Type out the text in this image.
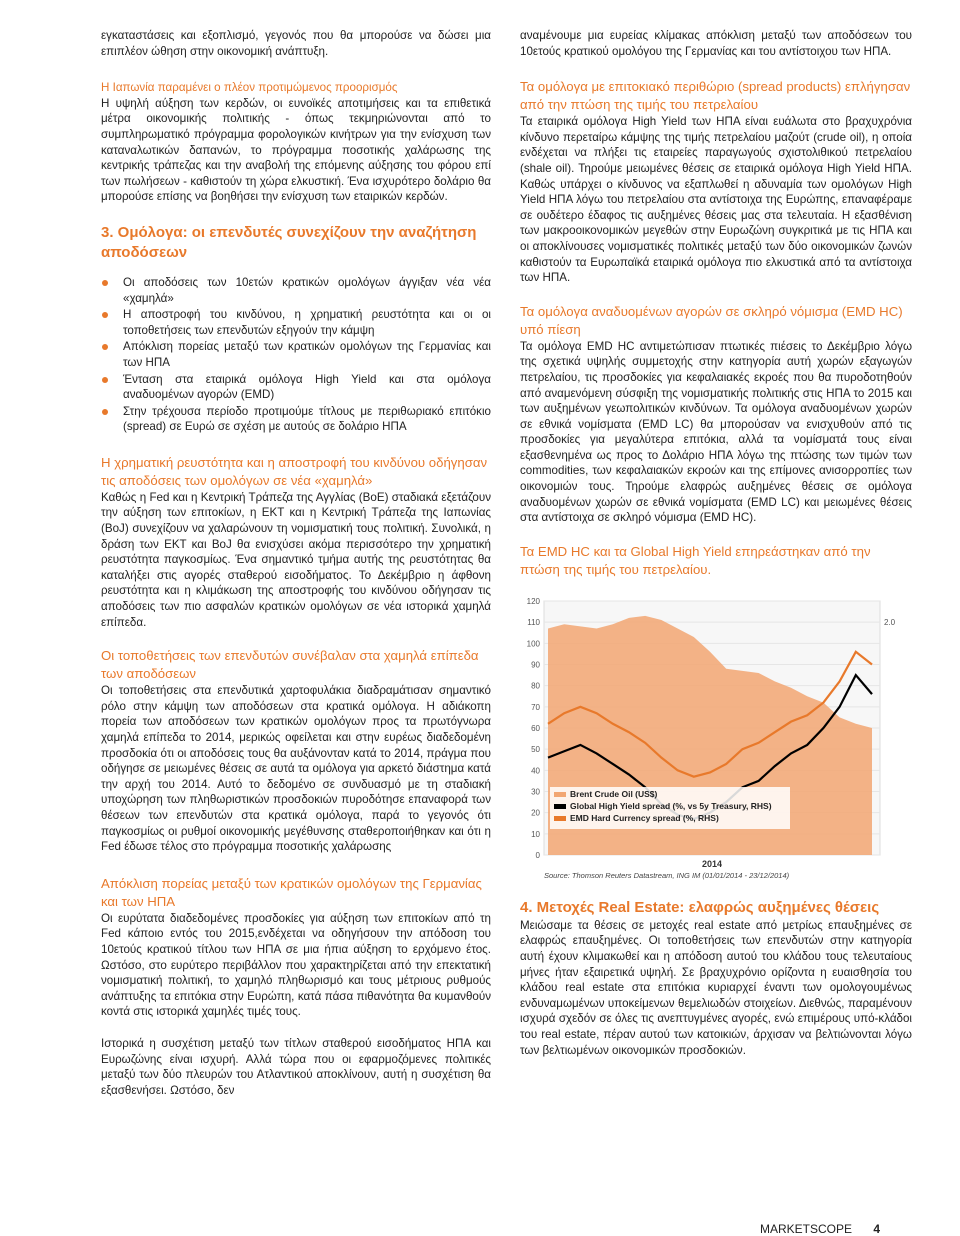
εγκαταστάσεις και εξοπλισμό, γεγονός που θα μπορούσε να δώσει μια επιπλέον ώθηση στην οικονομική ανάπτυξη.

Η Ιαπωνία παραμένει ο πλέον προτιμώμενος προορισμός

Η υψηλή αύξηση των κερδών, οι ευνοϊκές αποτιμήσεις και τα επιθετικά μέτρα οικονομικής πολιτικής - όπως τεκμηριώνονται από το συμπληρωματικό πρόγραμμα φορολογικών κινήτρων για την ενίσχυση των καταναλωτικών δαπανών, το πρόγραμμα ποσοτικής χαλάρωσης της κεντρικής τράπεζας και την αναβολή της επόμενης αύξησης του φόρου επί των πωλήσεων - καθιστούν τη χώρα ελκυστική. Ένα ισχυρότερο δολάριο θα μπορούσε επίσης να βοηθήσει την ενίσχυση των εταιρικών κερδών.

3. Ομόλογα: οι επενδυτές συνεχίζουν την αναζήτηση αποδόσεων
Οι αποδόσεις των 10ετών κρατικών ομολόγων άγγιξαν νέα νέα «χαμηλά»
Η αποστροφή του κινδύνου, η χρηματική ρευστότητα και οι οι τοποθετήσεις των επενδυτών εξηγούν την κάμψη
Απόκλιση πορείας μεταξύ των κρατικών ομολόγων της Γερμανίας και των ΗΠΑ
Ένταση στα εταιρικά ομόλογα High Yield και στα ομόλογα αναδυομένων αγορών (EMD)
Στην τρέχουσα περίοδο προτιμούμε τίτλους με περιθωριακό επιτόκιο (spread) σε Ευρώ σε σχέση με αυτούς σε δολάριο ΗΠΑ
Η χρηματική ρευστότητα και η αποστροφή του κινδύνου οδήγησαν τις αποδόσεις των ομολόγων σε νέα «χαμηλά»

Καθώς η Fed και η Κεντρική Τράπεζα της Αγγλίας (BoE) σταδιακά εξετάζουν την αύξηση των επιτοκίων, η ΕΚΤ και η Κεντρική Τράπεζα της Ιαπωνίας (BoJ) συνεχίζουν να χαλαρώνουν τη νομισματική τους πολιτική. Συνολικά, η δράση των ΕΚΤ και BoJ θα ενισχύσει ακόμα περισσότερο την χρηματική ρευστότητα παγκοσμίως. Ένα σημαντικό τμήμα αυτής της ρευστότητας θα καταλήξει στις αγορές σταθερού εισοδήματος. Το Δεκέμβριο η άφθονη ρευστότητα και η κλιμάκωση της αποστροφής του κινδύνου οδήγησαν τις αποδόσεις των πιο ασφαλών κρατικών ομολόγων σε νέα ιστορικά χαμηλά επίπεδα.

Οι τοποθετήσεις των επενδυτών συνέβαλαν στα χαμηλά επίπεδα των αποδόσεων

Οι τοποθετήσεις στα επενδυτικά χαρτοφυλάκια διαδραμάτισαν σημαντικό ρόλο στην κάμψη των αποδόσεων στα κρατικά ομόλογα. Η αδιάκοπη πορεία των αποδόσεων των κρατικών ομολόγων προς τα πρωτόγνωρα χαμηλά επίπεδα το 2014, μερικώς οφείλεται και στην ευρέως διαδεδομένη προσδοκία ότι οι αποδόσεις τους θα αυξάνονταν κατά το 2014, πράγμα που οδήγησε σε μειωμένες θέσεις σε αυτά τα ομόλογα για αρκετό διάστημα κατά την αρχή του 2014. Αυτό το δεδομένο σε συνδυασμό με τη σταδιακή υποχώρηση των πληθωριστικών προσδοκιών πυροδότησε επαναφορά των θέσεων των επενδυτών στα κρατικά ομόλογα, παρά το γεγονός ότι παγκοσμίως οι ρυθμοί οικονομικής μεγέθυνσης σταθεροποιήθηκαν και ότι η Fed έδωσε τέλος στο πρόγραμμα ποσοτικής χαλάρωσης

Απόκλιση πορείας μεταξύ των κρατικών ομολόγων της Γερμανίας και των ΗΠΑ

Οι ευρύτατα διαδεδομένες προσδοκίες για αύξηση των επιτοκίων από τη Fed κάποιο εντός του 2015,ενδέχεται να οδηγήσουν την απόδοση του 10ετούς κρατικού τίτλου των ΗΠΑ σε μια ήπια αύξηση το ερχόμενο έτος. Ωστόσο, στο ευρύτερο περιβάλλον που χαρακτηρίζεται από την επεκτατική νομισματική πολιτική, το χαμηλό πληθωρισμό και τους μέτριους ρυθμούς ανάπτυξης τα επιτόκια στην Ευρώπη, κατά πάσα πιθανότητα θα κυμανθούν κοντά στις ιστορικά χαμηλές τιμές τους.

Ιστορικά η συσχέτιση μεταξύ των τίτλων σταθερού εισοδήματος ΗΠΑ και Ευρωζώνης είναι ισχυρή. Αλλά τώρα που οι εφαρμοζόμενες πολιτικές μεταξύ των δύο πλευρών του Ατλαντικού αποκλίνουν, αυτή η συσχέτιση θα εξασθενήσει. Ωστόσο, δεν

αναμένουμε μια ευρείας κλίμακας απόκλιση μεταξύ των αποδόσεων του 10ετούς κρατικού ομολόγου της Γερμανίας και του αντίστοιχου των ΗΠΑ.

Τα ομόλογα με επιτοκιακό περιθώριο (spread products) επλήγησαν από την πτώση της τιμής του πετρελαίου

Τα εταιρικά ομόλογα High Yield των ΗΠΑ είναι ευάλωτα στο βραχυχρόνια κίνδυνο περεταίρω κάμψης της τιμής πετρελαίου μαζούτ (crude oil), η οποία ενδέχεται να πλήξει τις εταιρείες παραγωγούς σχιστολιθικού πετρελαίου (shale oil). Τηρούμε μειωμένες θέσεις σε εταιρικά ομόλογα High Yield ΗΠΑ. Καθώς υπάρχει ο κίνδυνος να εξαπλωθεί η αδυναμία των ομολόγων High Yield ΗΠΑ λόγω του πετρελαίου στα αντίστοιχα της Ευρώπης, επαναφέραμε σε ουδέτερο έδαφος τις αυξημένες θέσεις μας στα τελευταία. Η εξασθένιση των μακροοικονομικών μεγεθών στην Ευρωζώνη συγκριτικά με τις ΗΠΑ και οι αποκλίνουσες νομισματικές πολιτικές μεταξύ των δύο οικονομικών ζωνών καθιστούν τα Ευρωπαϊκά εταιρικά ομόλογα πιο ελκυστικά από τα αντίστοιχα των ΗΠΑ.

Τα ομόλογα αναδυομένων αγορών σε σκληρό νόμισμα (EMD HC) υπό πίεση

Τα ομόλογα EMD HC αντιμετώπισαν πτωτικές πιέσεις το Δεκέμβριο λόγω της σχετικά υψηλής συμμετοχής στην κατηγορία αυτή χωρών εξαγωγών πετρελαίου, τις προσδοκίες για κεφαλαιακές εκροές που θα πυροδοτηθούν από αναμενόμενη σύσφιξη της νομισματικής πολιτικής στις ΗΠΑ το 2015 και των αυξημένων γεωπολιτικών κινδύνων. Τα ομόλογα αναδυομένων χωρών σε εθνικά νομίσματα (EMD LC) θα μπορούσαν να ενισχυθούν από τις προσδοκίες για μεγαλύτερα επιτόκια, αλλά τα νομίσματά τους είναι εξασθενημένα ως προς το Δολάριο ΗΠΑ λόγω της πτώσης των τιμών των commodities, των κεφαλαιακών εκροών και της επίμονες ανισορροπίες των οικονομιών τους. Τηρούμε ελαφρώς αυξημένες θέσεις σε ομόλογα αναδυομένων χωρών σε εθνικά νομίσματα (EMD LC) και μειωμένες θέσεις στα αντίστοιχα σε σκληρό νόμισμα (EMD HC).

Τα EMD HC και τα Global High Yield επηρεάστηκαν από την πτώση της τιμής του πετρελαίου.
120
110
100
90
80
70
60
50
40
30
20
10
0
2.0
Brent Crude Oil (US$)
Global High Yield spread (%, vs 5y Treasury, RHS)
EMD Hard Currency spread (%, RHS)
2014
Source: Thomson Reuters Datastream, ING IM (01/01/2014 - 23/12/2014)
4. Μετοχές Real Estate: ελαφρώς αυξημένες θέσεις

Μειώσαμε τα θέσεις σε μετοχές real estate από μετρίως επαυξημένες σε ελαφρώς επαυξημένες. Οι τοποθετήσεις των επενδυτών στην κατηγορία αυτή έχουν κλιμακωθεί και η απόδοση αυτού του κλάδου τους τελευταίους μήνες ήταν εξαιρετικά υψηλή. Σε βραχυχρόνιο ορίζοντα η ευαισθησία του κλάδου real estate στα επιτόκια κυριαρχεί έναντι των ομολογουμένως ενδυναμωμένων υποκείμενων θεμελιωδών στοιχείων. Διεθνώς, παραμένουν ισχυρά σχεδόν σε όλες τις ανεπτυγμένες αγορές, ενώ επιμέρους υπό-κλάδοι του real estate, πέραν αυτού των κατοικιών, άρχισαν να βελτιώνονται λόγω των βελτιωμένων οικονομικών προσδοκιών.

MARKETSCOPE 4
